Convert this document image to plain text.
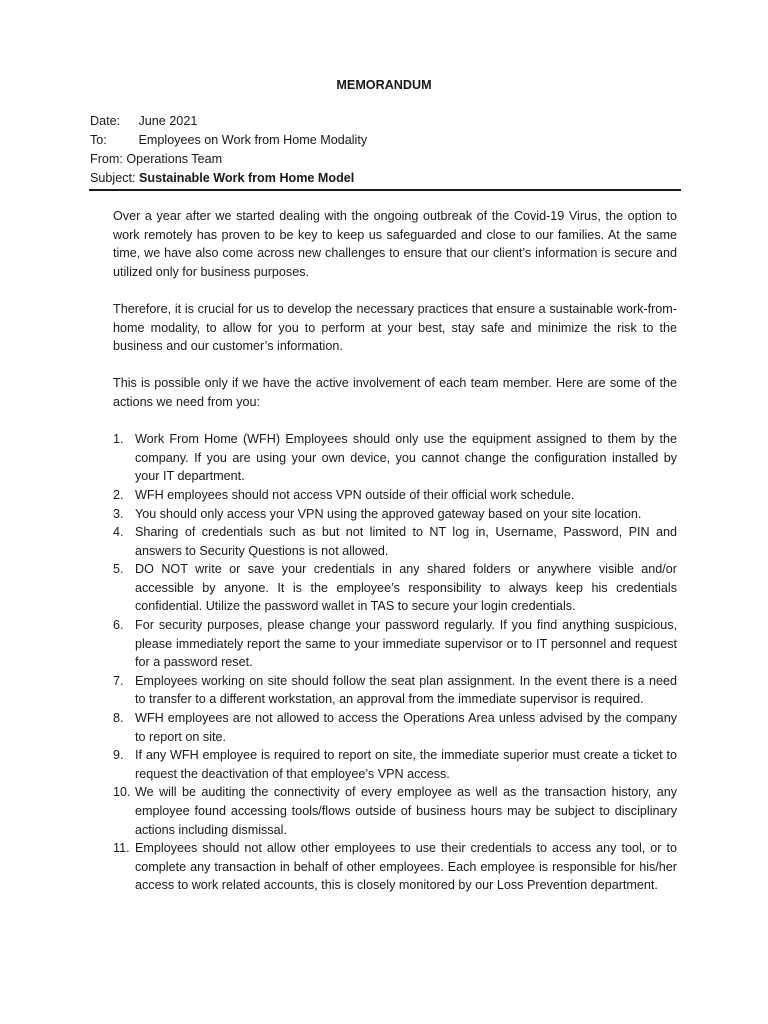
MEMORANDUM
Date: June 2021
To:	Employees on Work from Home Modality
From: Operations Team
Subject: Sustainable Work from Home Model

Over a year after we started dealing with the ongoing outbreak of the Covid-19 Virus, the option to work remotely has proven to be key to keep us safeguarded and close to our families. At the same time, we have also come across new challenges to ensure that our client’s information is secure and utilized only for business purposes.

Therefore, it is crucial for us to develop the necessary practices that ensure a sustainable work-from-home modality, to allow for you to perform at your best, stay safe and minimize the risk to the business and our customer’s information.

This is possible only if we have the active involvement of each team member. Here are some of the actions we need from you:

1. Work From Home (WFH) Employees should only use the equipment assigned to them by the company. If you are using your own device, you cannot change the configuration installed by your IT department.
2. WFH employees should not access VPN outside of their official work schedule.
3. You should only access your VPN using the approved gateway based on your site location.
4. Sharing of credentials such as but not limited to NT log in, Username, Password, PIN and answers to Security Questions is not allowed.
5. DO NOT write or save your credentials in any shared folders or anywhere visible and/or accessible by anyone. It is the employee’s responsibility to always keep his credentials confidential. Utilize the password wallet in TAS to secure your login credentials.
6. For security purposes, please change your password regularly. If you find anything suspicious, please immediately report the same to your immediate supervisor or to IT personnel and request for a password reset.
7. Employees working on site should follow the seat plan assignment. In the event there is a need to transfer to a different workstation, an approval from the immediate supervisor is required.
8. WFH employees are not allowed to access the Operations Area unless advised by the company to report on site.
9. If any WFH employee is required to report on site, the immediate superior must create a ticket to request the deactivation of that employee’s VPN access.
10. We will be auditing the connectivity of every employee as well as the transaction history, any employee found accessing tools/flows outside of business hours may be subject to disciplinary actions including dismissal.
11. Employees should not allow other employees to use their credentials to access any tool, or to complete any transaction in behalf of other employees. Each employee is responsible for his/her access to work related accounts, this is closely monitored by our Loss Prevention department.
